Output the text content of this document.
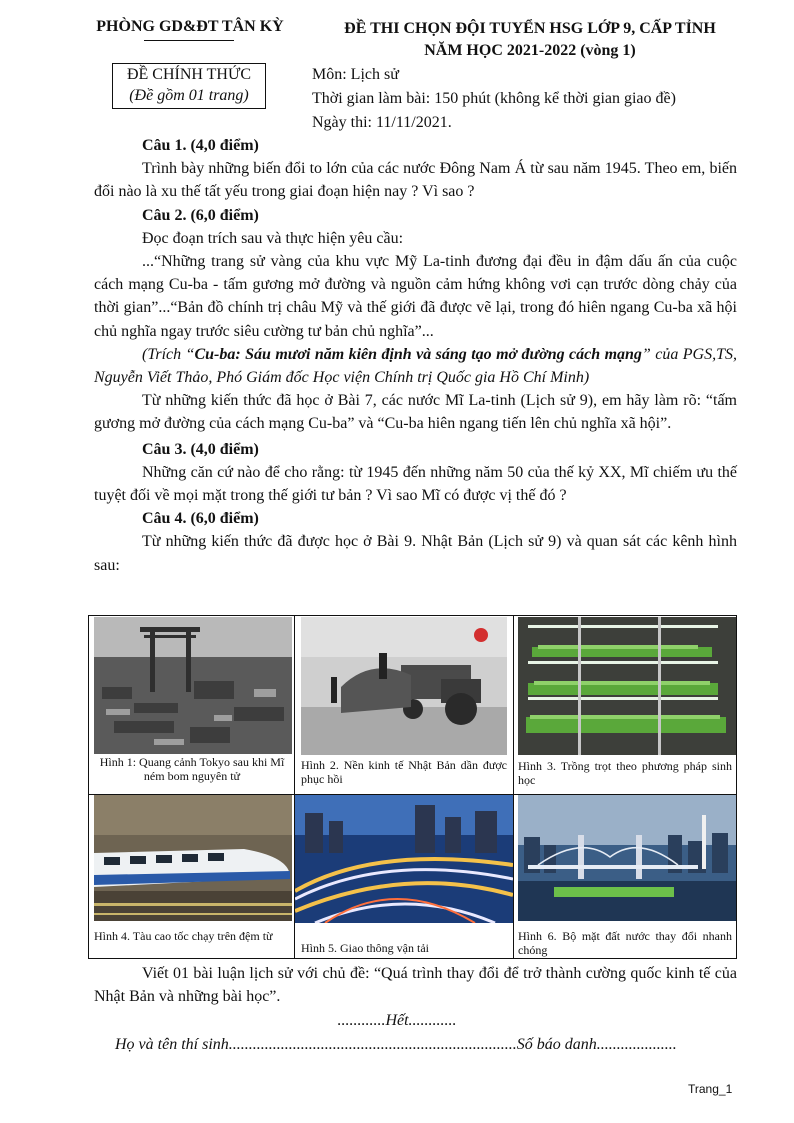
PHÒNG GD&ĐT TÂN KỲ	ĐỀ THI CHỌN ĐỘI TUYỂN HSG LỚP 9, CẤP TỈNH
NĂM HỌC 2021-2022 (vòng 1)
ĐỀ CHÍNH THỨC
(Đề gồm 01 trang)
Môn: Lịch sử
Thời gian làm bài: 150 phút (không kể thời gian giao đề)
Ngày thi: 11/11/2021.

Câu 1. (4,0 điểm)

Trình bày những biến đổi to lớn của các nước Đông Nam Á từ sau năm 1945. Theo em, biến đổi nào là xu thế tất yếu trong giai đoạn hiện nay ? Vì sao ?

Câu 2. (6,0 điểm)

Đọc đoạn trích sau và thực hiện yêu cầu:

...“Những trang sử vàng của khu vực Mỹ La-tinh đương đại đều in đậm dấu ấn của cuộc cách mạng Cu-ba - tấm gương mở đường và nguồn cảm hứng không vơi cạn trước dòng chảy của thời gian”...“Bản đồ chính trị châu Mỹ và thế giới đã được vẽ lại, trong đó hiên ngang Cu-ba xã hội chủ nghĩa ngay trước siêu cường tư bản chủ nghĩa”...

(Trích “Cu-ba: Sáu mươi năm kiên định và sáng tạo mở đường cách mạng” của PGS,TS, Nguyễn Viết Thảo, Phó Giám đốc Học viện Chính trị Quốc gia Hồ Chí Minh)

Từ những kiến thức đã học ở Bài 7, các nước Mĩ La-tinh (Lịch sử 9), em hãy làm rõ: “tấm gương mở đường của cách mạng Cu-ba” và “Cu-ba hiên ngang tiến lên chủ nghĩa xã hội”.

Câu 3. (4,0 điểm)

Những căn cứ nào để cho rằng: từ 1945 đến những năm 50 của thế kỷ XX, Mĩ chiếm ưu thế tuyệt đối về mọi mặt trong thế giới tư bản ? Vì sao Mĩ có được vị thế đó ?

Câu 4. (6,0 điểm)

Từ những kiến thức đã được học ở Bài 9. Nhật Bản (Lịch sử 9) và quan sát các kênh hình sau:

Hình 1: Quang cảnh Tokyo sau khi Mĩ ném bom nguyên tử
Hình 2. Nền kinh tế Nhật Bản dần được phục hồi
Hình 3. Trồng trọt theo phương pháp sinh học
Hình 4. Tàu cao tốc chạy trên đệm từ
Hình 5. Giao thông vận tải
Hình 6. Bộ mặt đất nước thay đổi nhanh chóng

Viết 01 bài luận lịch sử với chủ đề: “Quá trình thay đổi để trở thành cường quốc kinh tế của Nhật Bản và những bài học”.

............Hết............
Họ và tên thí sinh........................................................................Số báo danh....................
Trang_1
